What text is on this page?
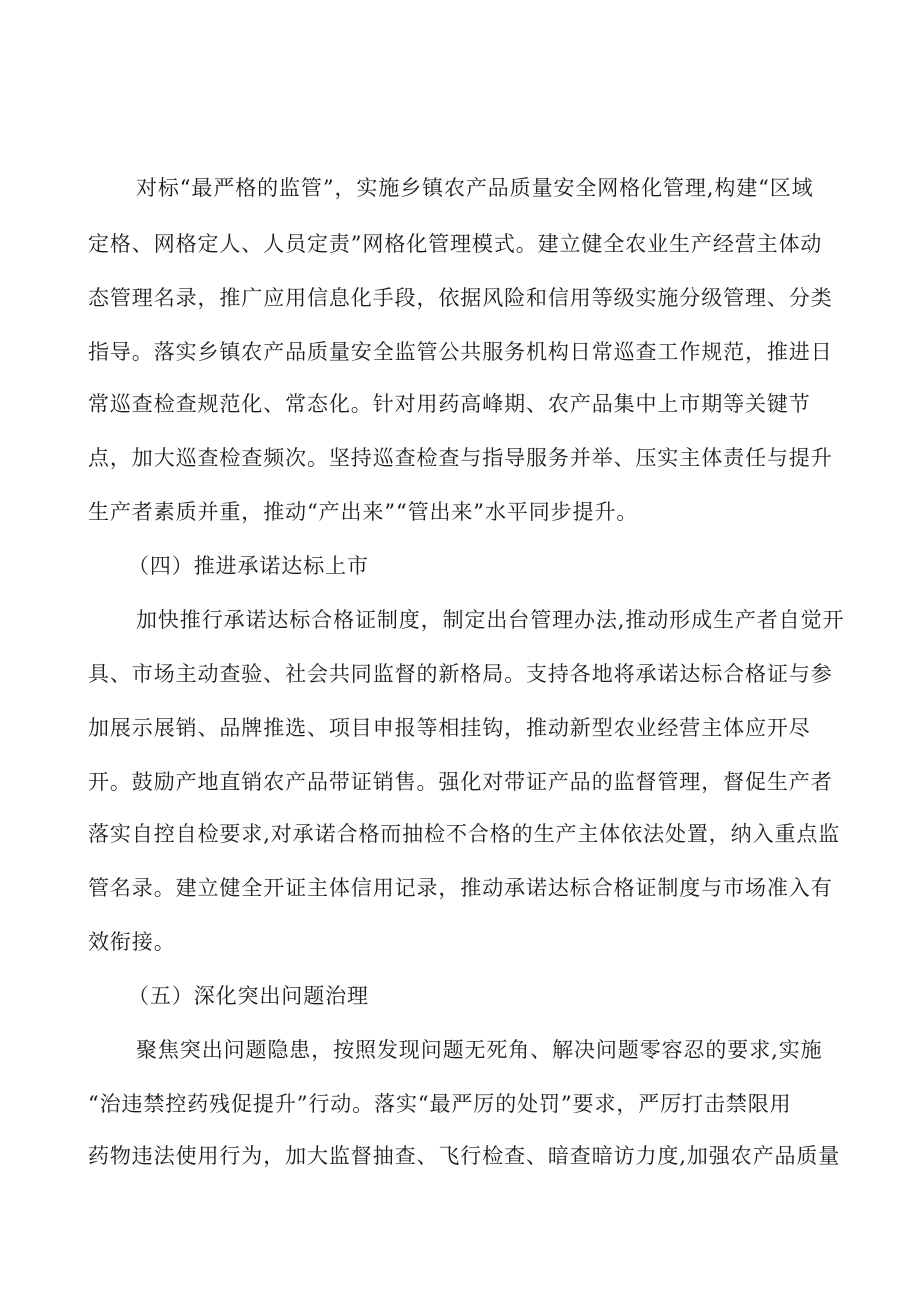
对标“最严格的监管”，实施乡镇农产品质量安全网格化管理,构建“区域
定格、网格定人、人员定责”网格化管理模式。建立健全农业生产经营主体动
态管理名录，推广应用信息化手段，依据风险和信用等级实施分级管理、分类
指导。落实乡镇农产品质量安全监管公共服务机构日常巡查工作规范，推进日
常巡查检查规范化、常态化。针对用药高峰期、农产品集中上市期等关键节
点，加大巡查检查频次。坚持巡查检查与指导服务并举、压实主体责任与提升
生产者素质并重，推动“产出来”“管出来”水平同步提升。
（四）推进承诺达标上市
加快推行承诺达标合格证制度，制定出台管理办法,推动形成生产者自觉开
具、市场主动查验、社会共同监督的新格局。支持各地将承诺达标合格证与参
加展示展销、品牌推选、项目申报等相挂钩，推动新型农业经营主体应开尽
开。鼓励产地直销农产品带证销售。强化对带证产品的监督管理，督促生产者
落实自控自检要求,对承诺合格而抽检不合格的生产主体依法处置，纳入重点监
管名录。建立健全开证主体信用记录，推动承诺达标合格证制度与市场准入有
效衔接。
（五）深化突出问题治理
聚焦突出问题隐患，按照发现问题无死角、解决问题零容忍的要求,实施
“治违禁控药残促提升”行动。落实“最严厉的处罚”要求，严厉打击禁限用
药物违法使用行为，加大监督抽查、飞行检查、暗查暗访力度,加强农产品质量
